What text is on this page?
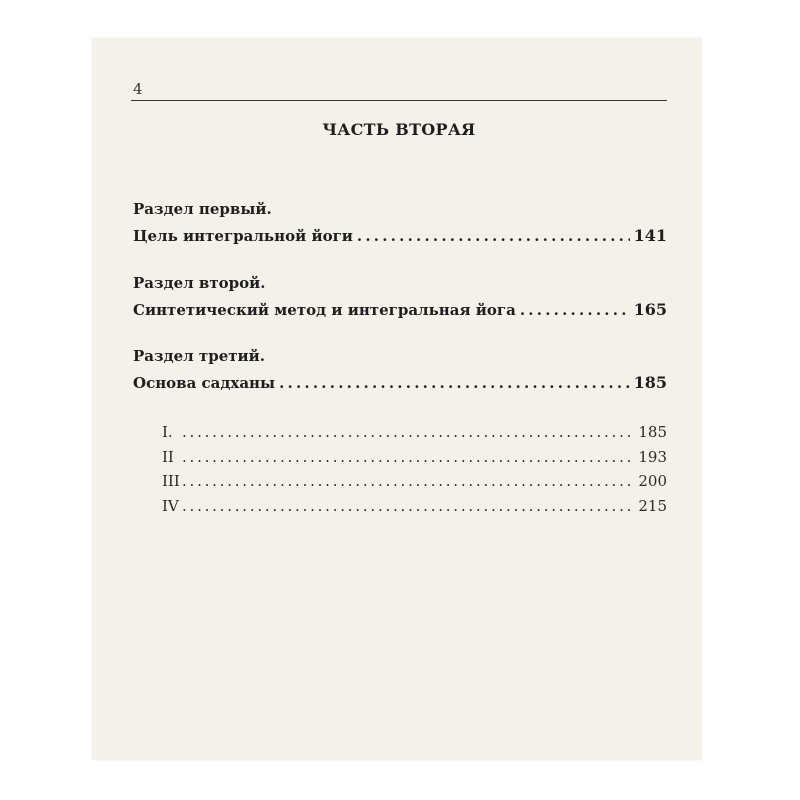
4
ЧАСТЬ ВТОРАЯ
Раздел первый.
Цель интегральной йоги . . .	141
Раздел второй.
Синтетический метод и интегральная йога . . .	165
Раздел третий.
Основа садханы . . .	185
I. . . .	185
II . . .	193
III . . .	200
IV . . .	215
